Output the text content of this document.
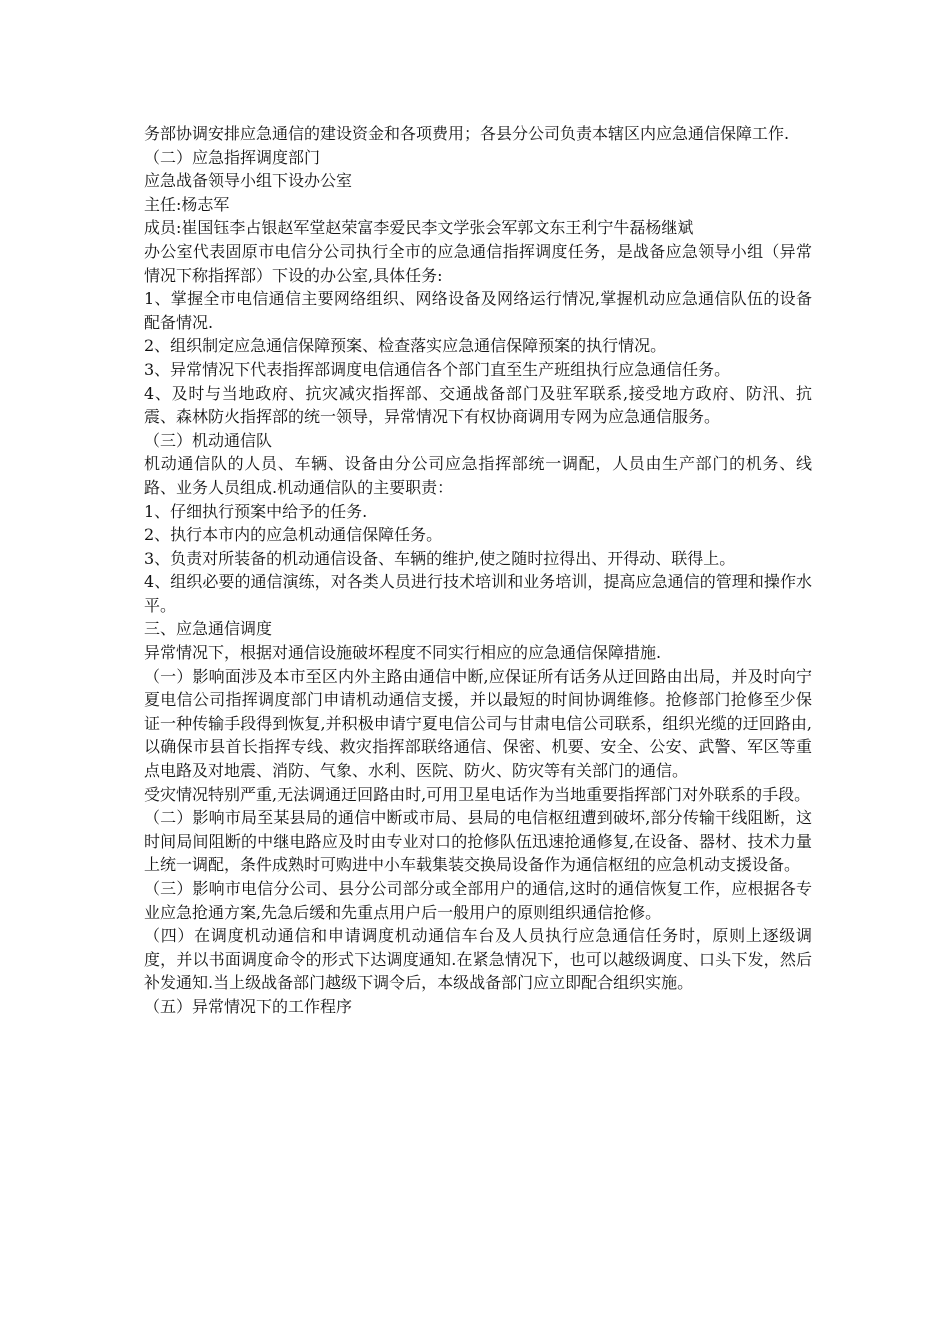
务部协调安排应急通信的建设资金和各项费用；各县分公司负责本辖区内应急通信保障工作.

（二）应急指挥调度部门

应急战备领导小组下设办公室

主任:杨志军

成员:崔国钰李占银赵军堂赵荣富李爱民李文学张会军郭文东王利宁牛磊杨继斌

办公室代表固原市电信分公司执行全市的应急通信指挥调度任务，是战备应急领导小组（异常情况下称指挥部）下设的办公室,具体任务:

1、掌握全市电信通信主要网络组织、网络设备及网络运行情况,掌握机动应急通信队伍的设备配备情况.

2、组织制定应急通信保障预案、检查落实应急通信保障预案的执行情况。

3、异常情况下代表指挥部调度电信通信各个部门直至生产班组执行应急通信任务。

4、及时与当地政府、抗灾减灾指挥部、交通战备部门及驻军联系,接受地方政府、防汛、抗震、森林防火指挥部的统一领导，异常情况下有权协商调用专网为应急通信服务。

（三）机动通信队

机动通信队的人员、车辆、设备由分公司应急指挥部统一调配，人员由生产部门的机务、线路、业务人员组成.机动通信队的主要职责：

1、仔细执行预案中给予的任务.

2、执行本市内的应急机动通信保障任务。

3、负责对所装备的机动通信设备、车辆的维护,使之随时拉得出、开得动、联得上。

4、组织必要的通信演练，对各类人员进行技术培训和业务培训，提高应急通信的管理和操作水平。

三、应急通信调度

异常情况下，根据对通信设施破坏程度不同实行相应的应急通信保障措施.

（一）影响面涉及本市至区内外主路由通信中断,应保证所有话务从迂回路由出局，并及时向宁夏电信公司指挥调度部门申请机动通信支援，并以最短的时间协调维修。抢修部门抢修至少保证一种传输手段得到恢复,并积极申请宁夏电信公司与甘肃电信公司联系，组织光缆的迂回路由,以确保市县首长指挥专线、救灾指挥部联络通信、保密、机要、安全、公安、武警、军区等重点电路及对地震、消防、气象、水利、医院、防火、防灾等有关部门的通信。

受灾情况特别严重,无法调通迂回路由时,可用卫星电话作为当地重要指挥部门对外联系的手段。

（二）影响市局至某县局的通信中断或市局、县局的电信枢纽遭到破坏,部分传输干线阻断，这时间局间阻断的中继电路应及时由专业对口的抢修队伍迅速抢通修复,在设备、器材、技术力量上统一调配，条件成熟时可购进中小车载集装交换局设备作为通信枢纽的应急机动支援设备。

（三）影响市电信分公司、县分公司部分或全部用户的通信,这时的通信恢复工作，应根据各专业应急抢通方案,先急后缓和先重点用户后一般用户的原则组织通信抢修。

（四）在调度机动通信和申请调度机动通信车台及人员执行应急通信任务时，原则上逐级调度，并以书面调度命令的形式下达调度通知.在紧急情况下，也可以越级调度、口头下发，然后补发通知.当上级战备部门越级下调令后，本级战备部门应立即配合组织实施。

（五）异常情况下的工作程序
